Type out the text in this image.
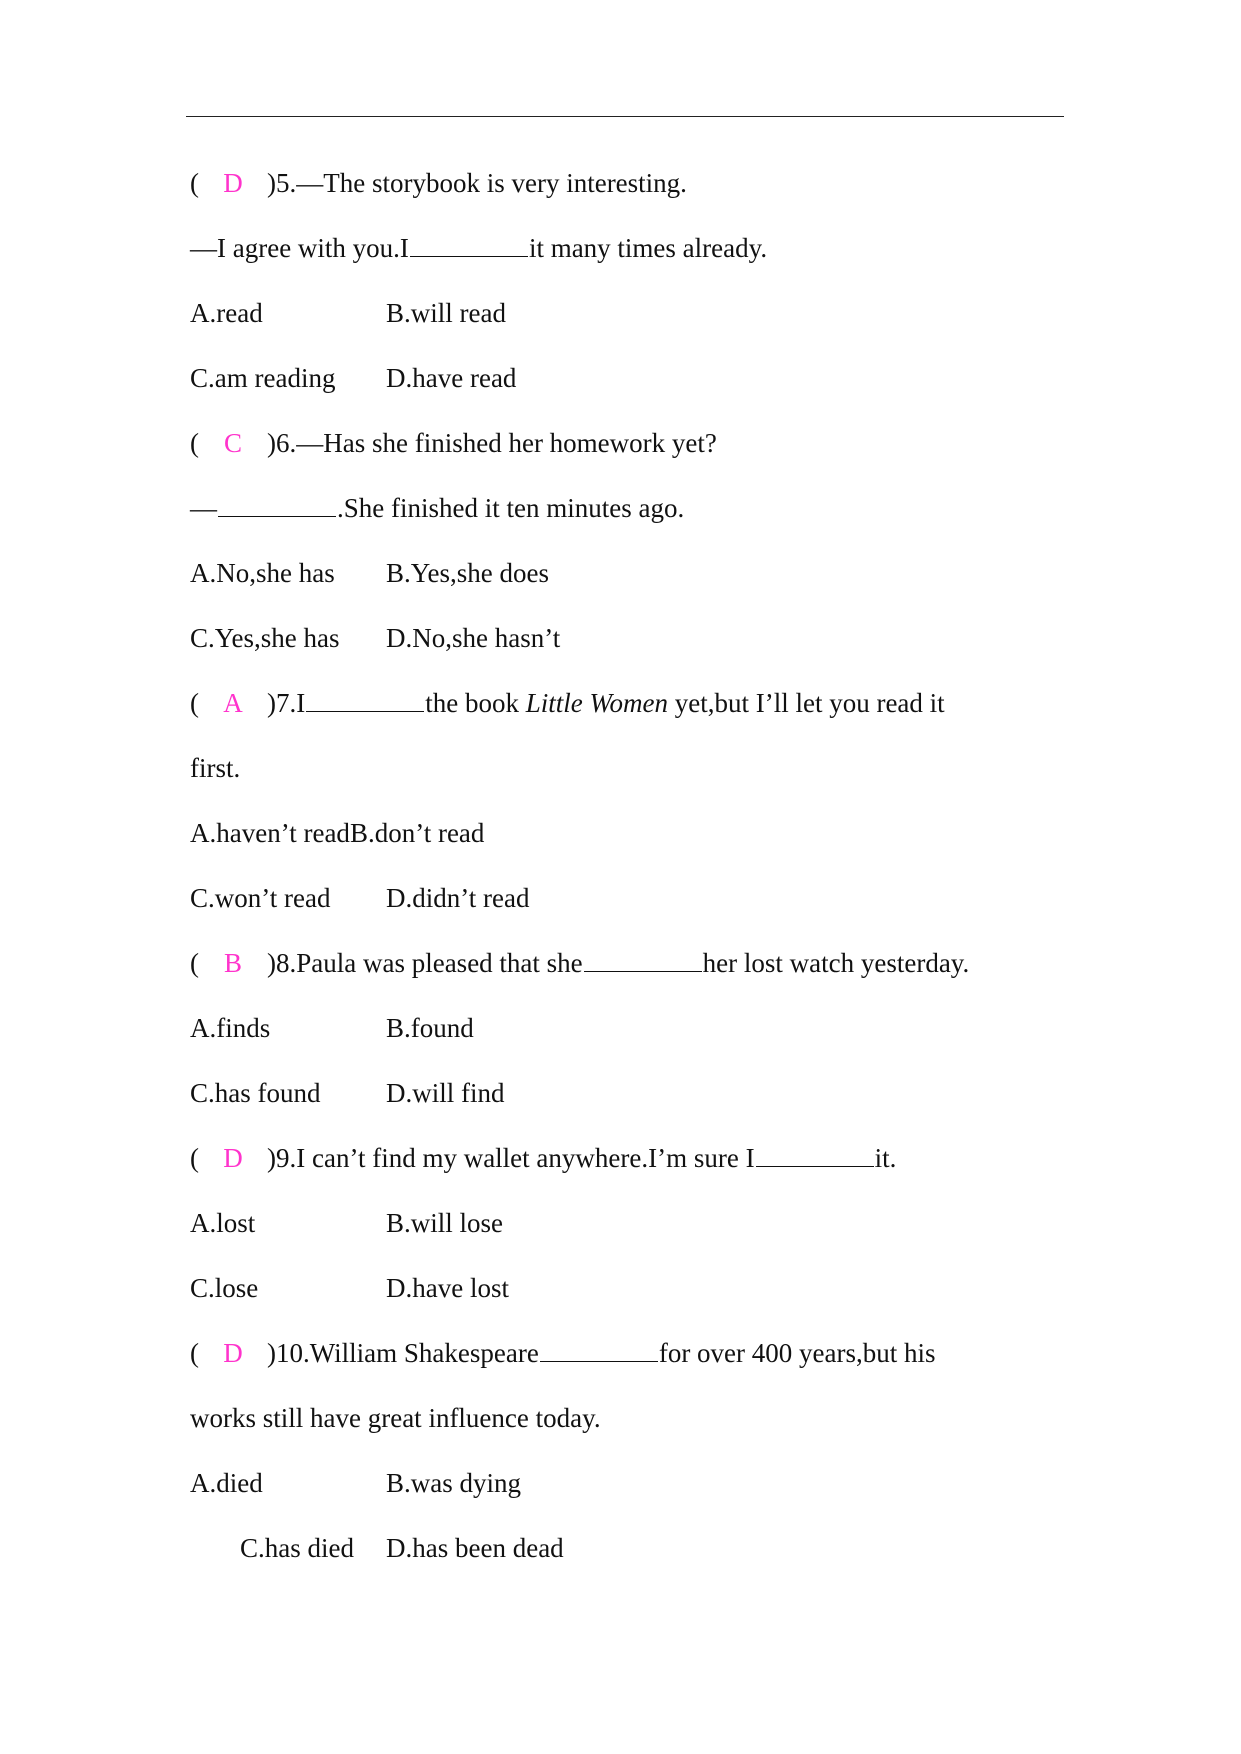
( D )5.—The storybook is very interesting.
—I agree with you.I	it many times already.
A.read	B.will read
C.am reading D.have read
( C )6.—Has she finished her homework yet?
—	.She finished it ten minutes ago.
A.No,she has B.Yes,she does
C.Yes,she has D.No,she hasn’t
( A )7.I	the book Little Women yet,but I’ll let you read it
first.
A.haven’t readB.don’t read
C.won’t read D.didn’t read
( B )8.Paula was pleased that she	her lost watch yesterday.
A.finds	B.found
C.has found D.will find
( D )9.I can’t find my wallet anywhere.I’m sure I	it.
A.lost	B.will lose
C.lose	D.have lost
( D )10.William Shakespeare	for over 400 years,but his
works still have great influence today.
A.died	B.was dying
C.has died D.has been dead
